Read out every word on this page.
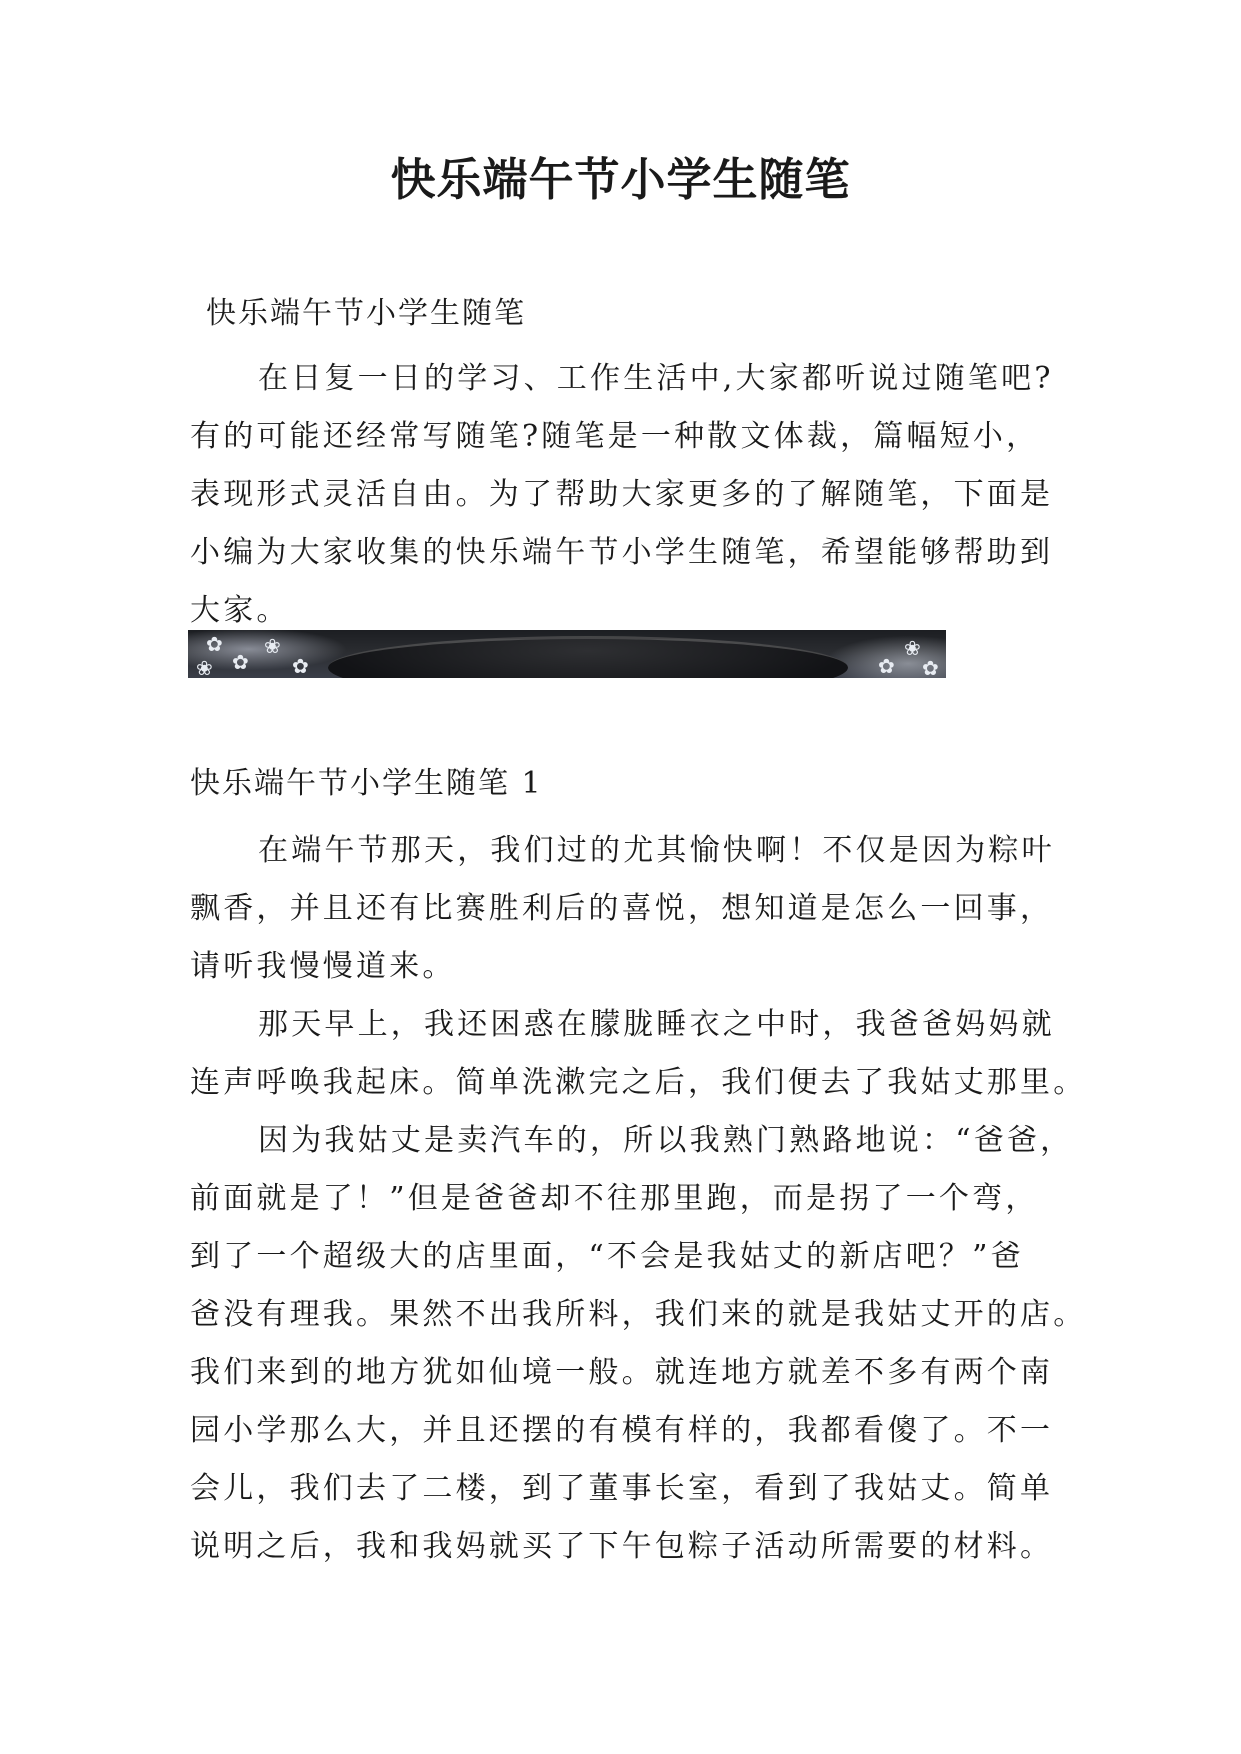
快乐端午节小学生随笔
快乐端午节小学生随笔

在日复一日的学习、工作生活中,大家都听说过随笔吧?
有的可能还经常写随笔?随笔是一种散文体裁，篇幅短小，
表现形式灵活自由。为了帮助大家更多的了解随笔，下面是
小编为大家收集的快乐端午节小学生随笔，希望能够帮助到
大家。

✿
✿
❀
✿
❀	✿
❀
✿
快乐端午节小学生随笔 1

在端午节那天，我们过的尤其愉快啊！不仅是因为粽叶
飘香，并且还有比赛胜利后的喜悦，想知道是怎么一回事，
请听我慢慢道来。

那天早上，我还困惑在朦胧睡衣之中时，我爸爸妈妈就
连声呼唤我起床。简单洗漱完之后，我们便去了我姑丈那里。

因为我姑丈是卖汽车的，所以我熟门熟路地说：“爸爸，
前面就是了！”但是爸爸却不往那里跑，而是拐了一个弯，
到了一个超级大的店里面，“不会是我姑丈的新店吧？”爸
爸没有理我。果然不出我所料，我们来的就是我姑丈开的店。
我们来到的地方犹如仙境一般。就连地方就差不多有两个南
园小学那么大，并且还摆的有模有样的，我都看傻了。不一
会儿，我们去了二楼，到了董事长室，看到了我姑丈。简单
说明之后，我和我妈就买了下午包粽子活动所需要的材料。
